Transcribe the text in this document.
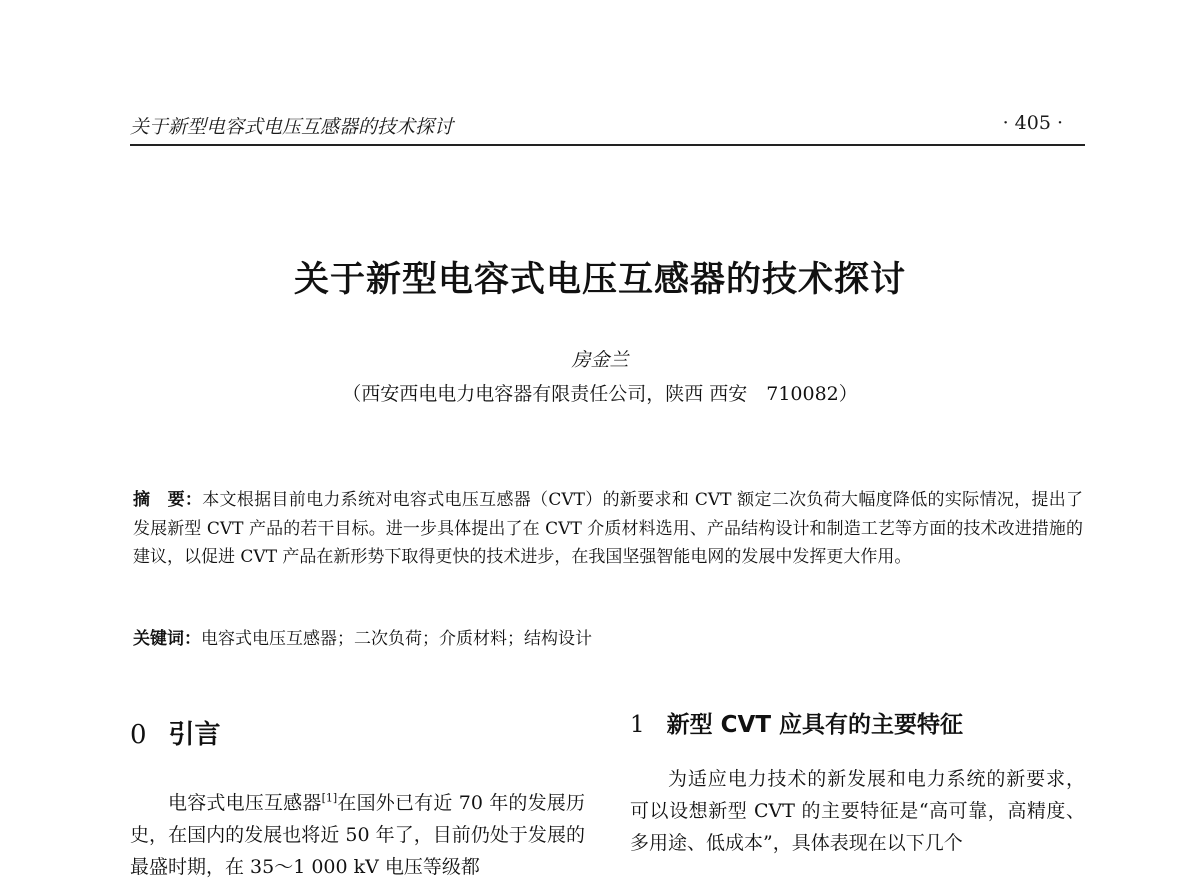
关于新型电容式电压互感器的技术探讨	· 405 ·
关于新型电容式电压互感器的技术探讨
房金兰
（西安西电电力电容器有限责任公司，陕西 西安　710082）
摘　要：本文根据目前电力系统对电容式电压互感器（CVT）的新要求和 CVT 额定二次负荷大幅度降低的实际情况，提出了发展新型 CVT 产品的若干目标。进一步具体提出了在 CVT 介质材料选用、产品结构设计和制造工艺等方面的技术改进措施的建议，以促进 CVT 产品在新形势下取得更快的技术进步，在我国坚强智能电网的发展中发挥更大作用。
关键词：电容式电压互感器；二次负荷；介质材料；结构设计
0 引言

电容式电压互感器[1]在国外已有近 70 年的发展历史，在国内的发展也将近 50 年了，目前仍处于发展的最盛时期，在 35～1 000 kV 电压等级都

1 新型 CVT 应具有的主要特征

为适应电力技术的新发展和电力系统的新要求，可以设想新型 CVT 的主要特征是“高可靠，高精度、多用途、低成本”，具体表现在以下几个
